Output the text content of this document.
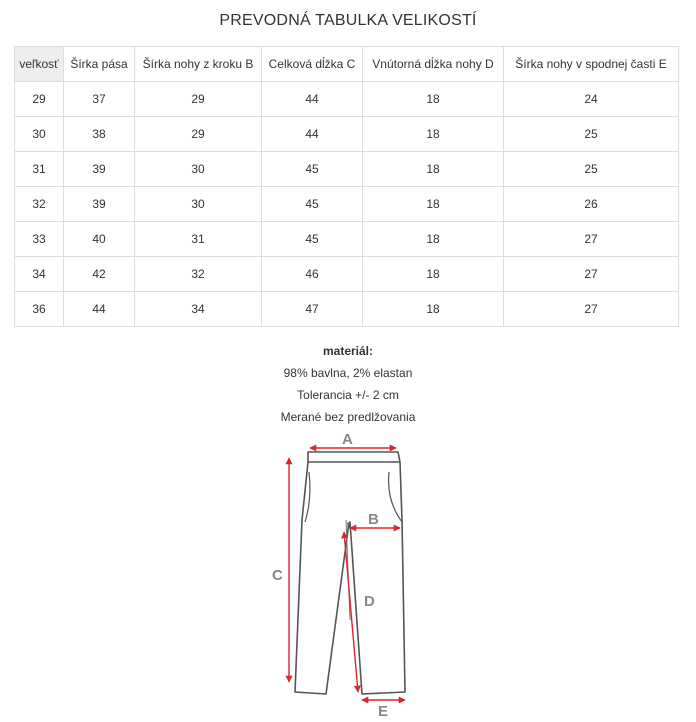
PREVODNÁ TABULKA VELIKOSTÍ
veľkosť	Šírka pása	Šírka nohy z kroku B	Celková dĺžka C	Vnútorná dĺžka nohy D	Šírka nohy v spodnej časti E
29	37	29	44	18	24
30	38	29	44	18	25
31	39	30	45	18	25
32	39	30	45	18	26
33	40	31	45	18	27
34	42	32	46	18	27
36	44	34	47	18	27
materiál:
98% bavlna, 2% elastan
Tolerancia +/- 2 cm
Merané bez predlžovania
A
B
C
D
E
